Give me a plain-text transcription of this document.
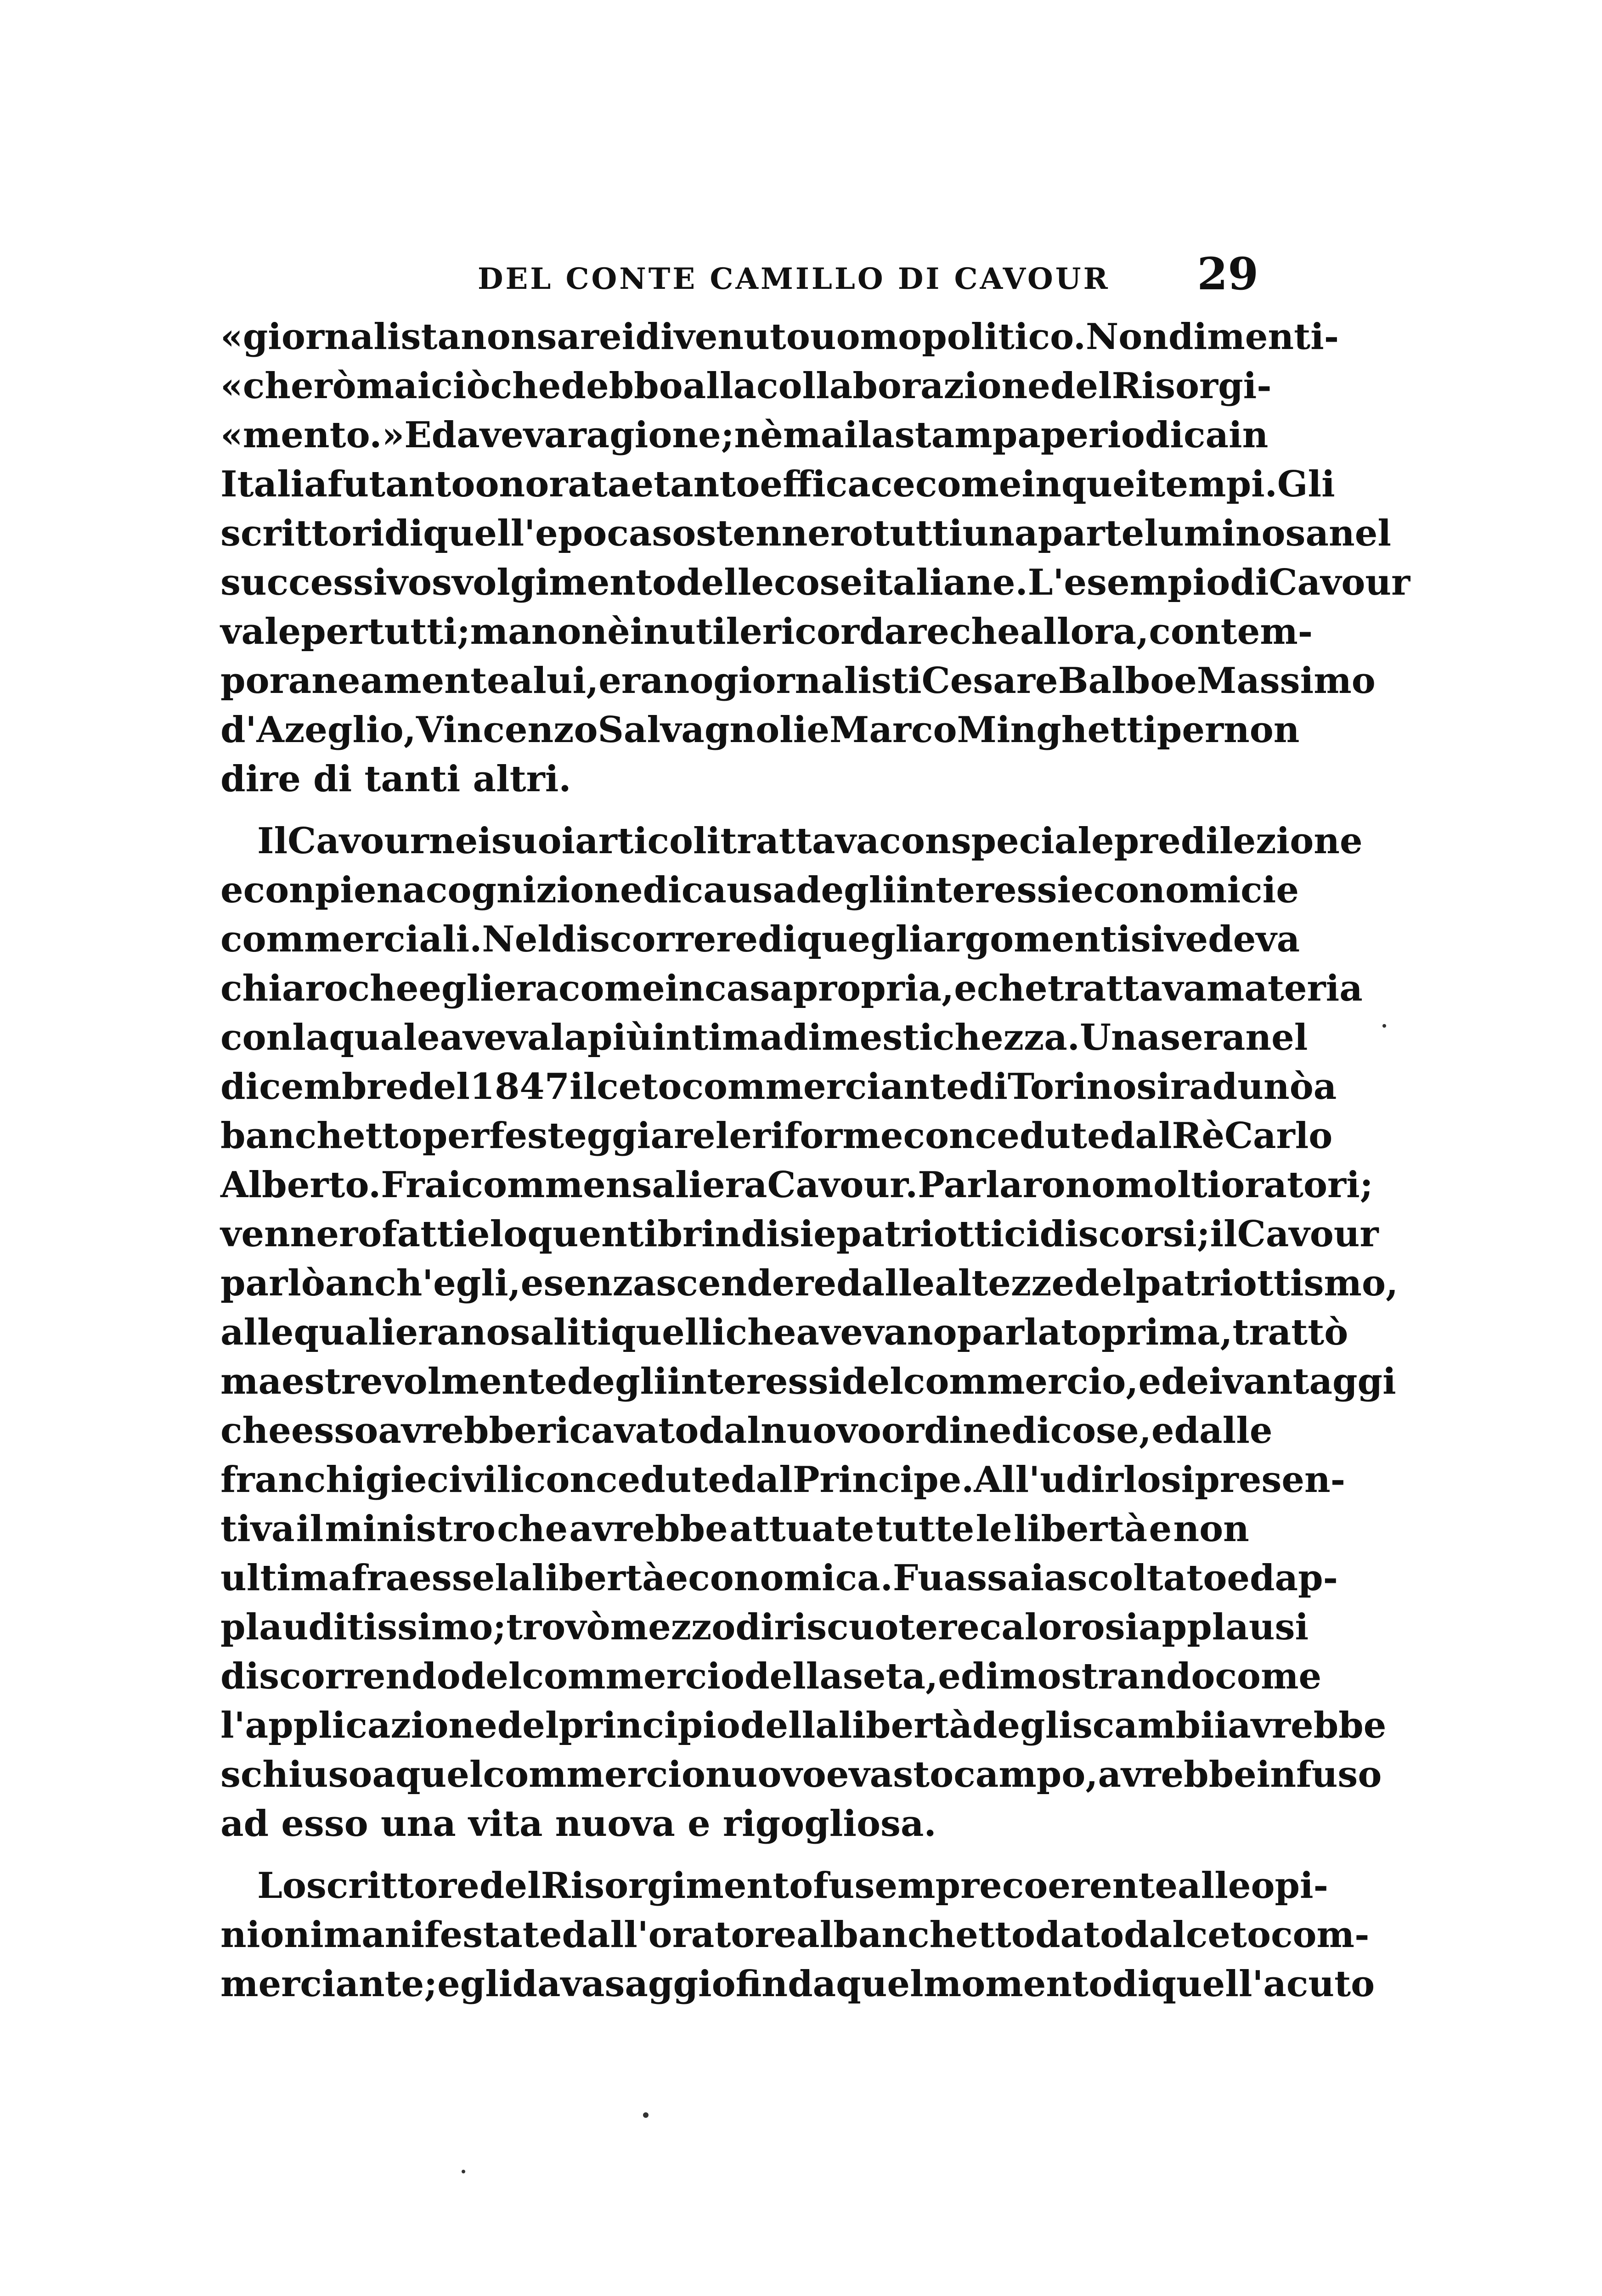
DEL CONTE CAMILLO DI CAVOUR 29
« giornalista non sarei divenuto uomo politico. Non dimenti-
« cherò mai ciò che debbo alla collaborazione del Risorgi-
« mento. » Ed aveva ragione; nè mai la stampa periodica in
Italia fu tanto onorata e tanto efficace come in quei tempi. Gli
scrittori di quell'epoca sostennero tutti una parte luminosa nel
successivo svolgimento delle cose italiane. L'esempio di Cavour
vale per tutti; ma non è inutile ricordare che allora, contem-
poraneamente a lui, erano giornalisti Cesare Balbo e Massimo
d'Azeglio, Vincenzo Salvagnoli e Marco Minghetti per non
dire di tanti altri.
Il Cavour nei suoi articoli trattava con speciale predilezione
e con piena cognizione di causa degli interessi economici e
commerciali. Nel discorrere di quegli argomenti si vedeva
chiaro che egli era come in casa propria, e che trattava materia
con la quale aveva la più intima dimestichezza. Una sera nel
dicembre del 1847 il ceto commerciante di Torino si radunò a
banchetto per festeggiare le riforme concedute dal Rè Carlo
Alberto. Fra i commensali era Cavour. Parlarono molti oratori;
vennero fatti eloquenti brindisi e patriottici discorsi; il Cavour
parlò anch'egli, e senza scendere dalle altezze del patriottismo,
alle quali erano saliti quelli che avevano parlato prima, trattò
maestrevolmente degli interessi del commercio, e dei vantaggi
che esso avrebbe ricavato dal nuovo ordine di cose, e dalle
franchigie civili concedute dal Principe. All'udirlo si presen-
tiva il ministro che avrebbe attuate tutte le libertà e non
ultima fra esse la libertà economica. Fu assai ascoltato ed ap-
plauditissimo; trovò mezzo di riscuotere calorosi applausi
discorrendo del commercio della seta, e dimostrando come
l'applicazione del principio della libertà degli scambii avrebbe
schiuso a quel commercio nuovo e vasto campo, avrebbe infuso
ad esso una vita nuova e rigogliosa.
Lo scrittore del Risorgimento fu sempre coerente alle opi-
nioni manifestate dall'oratore al banchetto dato dal ceto com-
merciante; egli dava saggio fin da quel momento di quell'acuto
